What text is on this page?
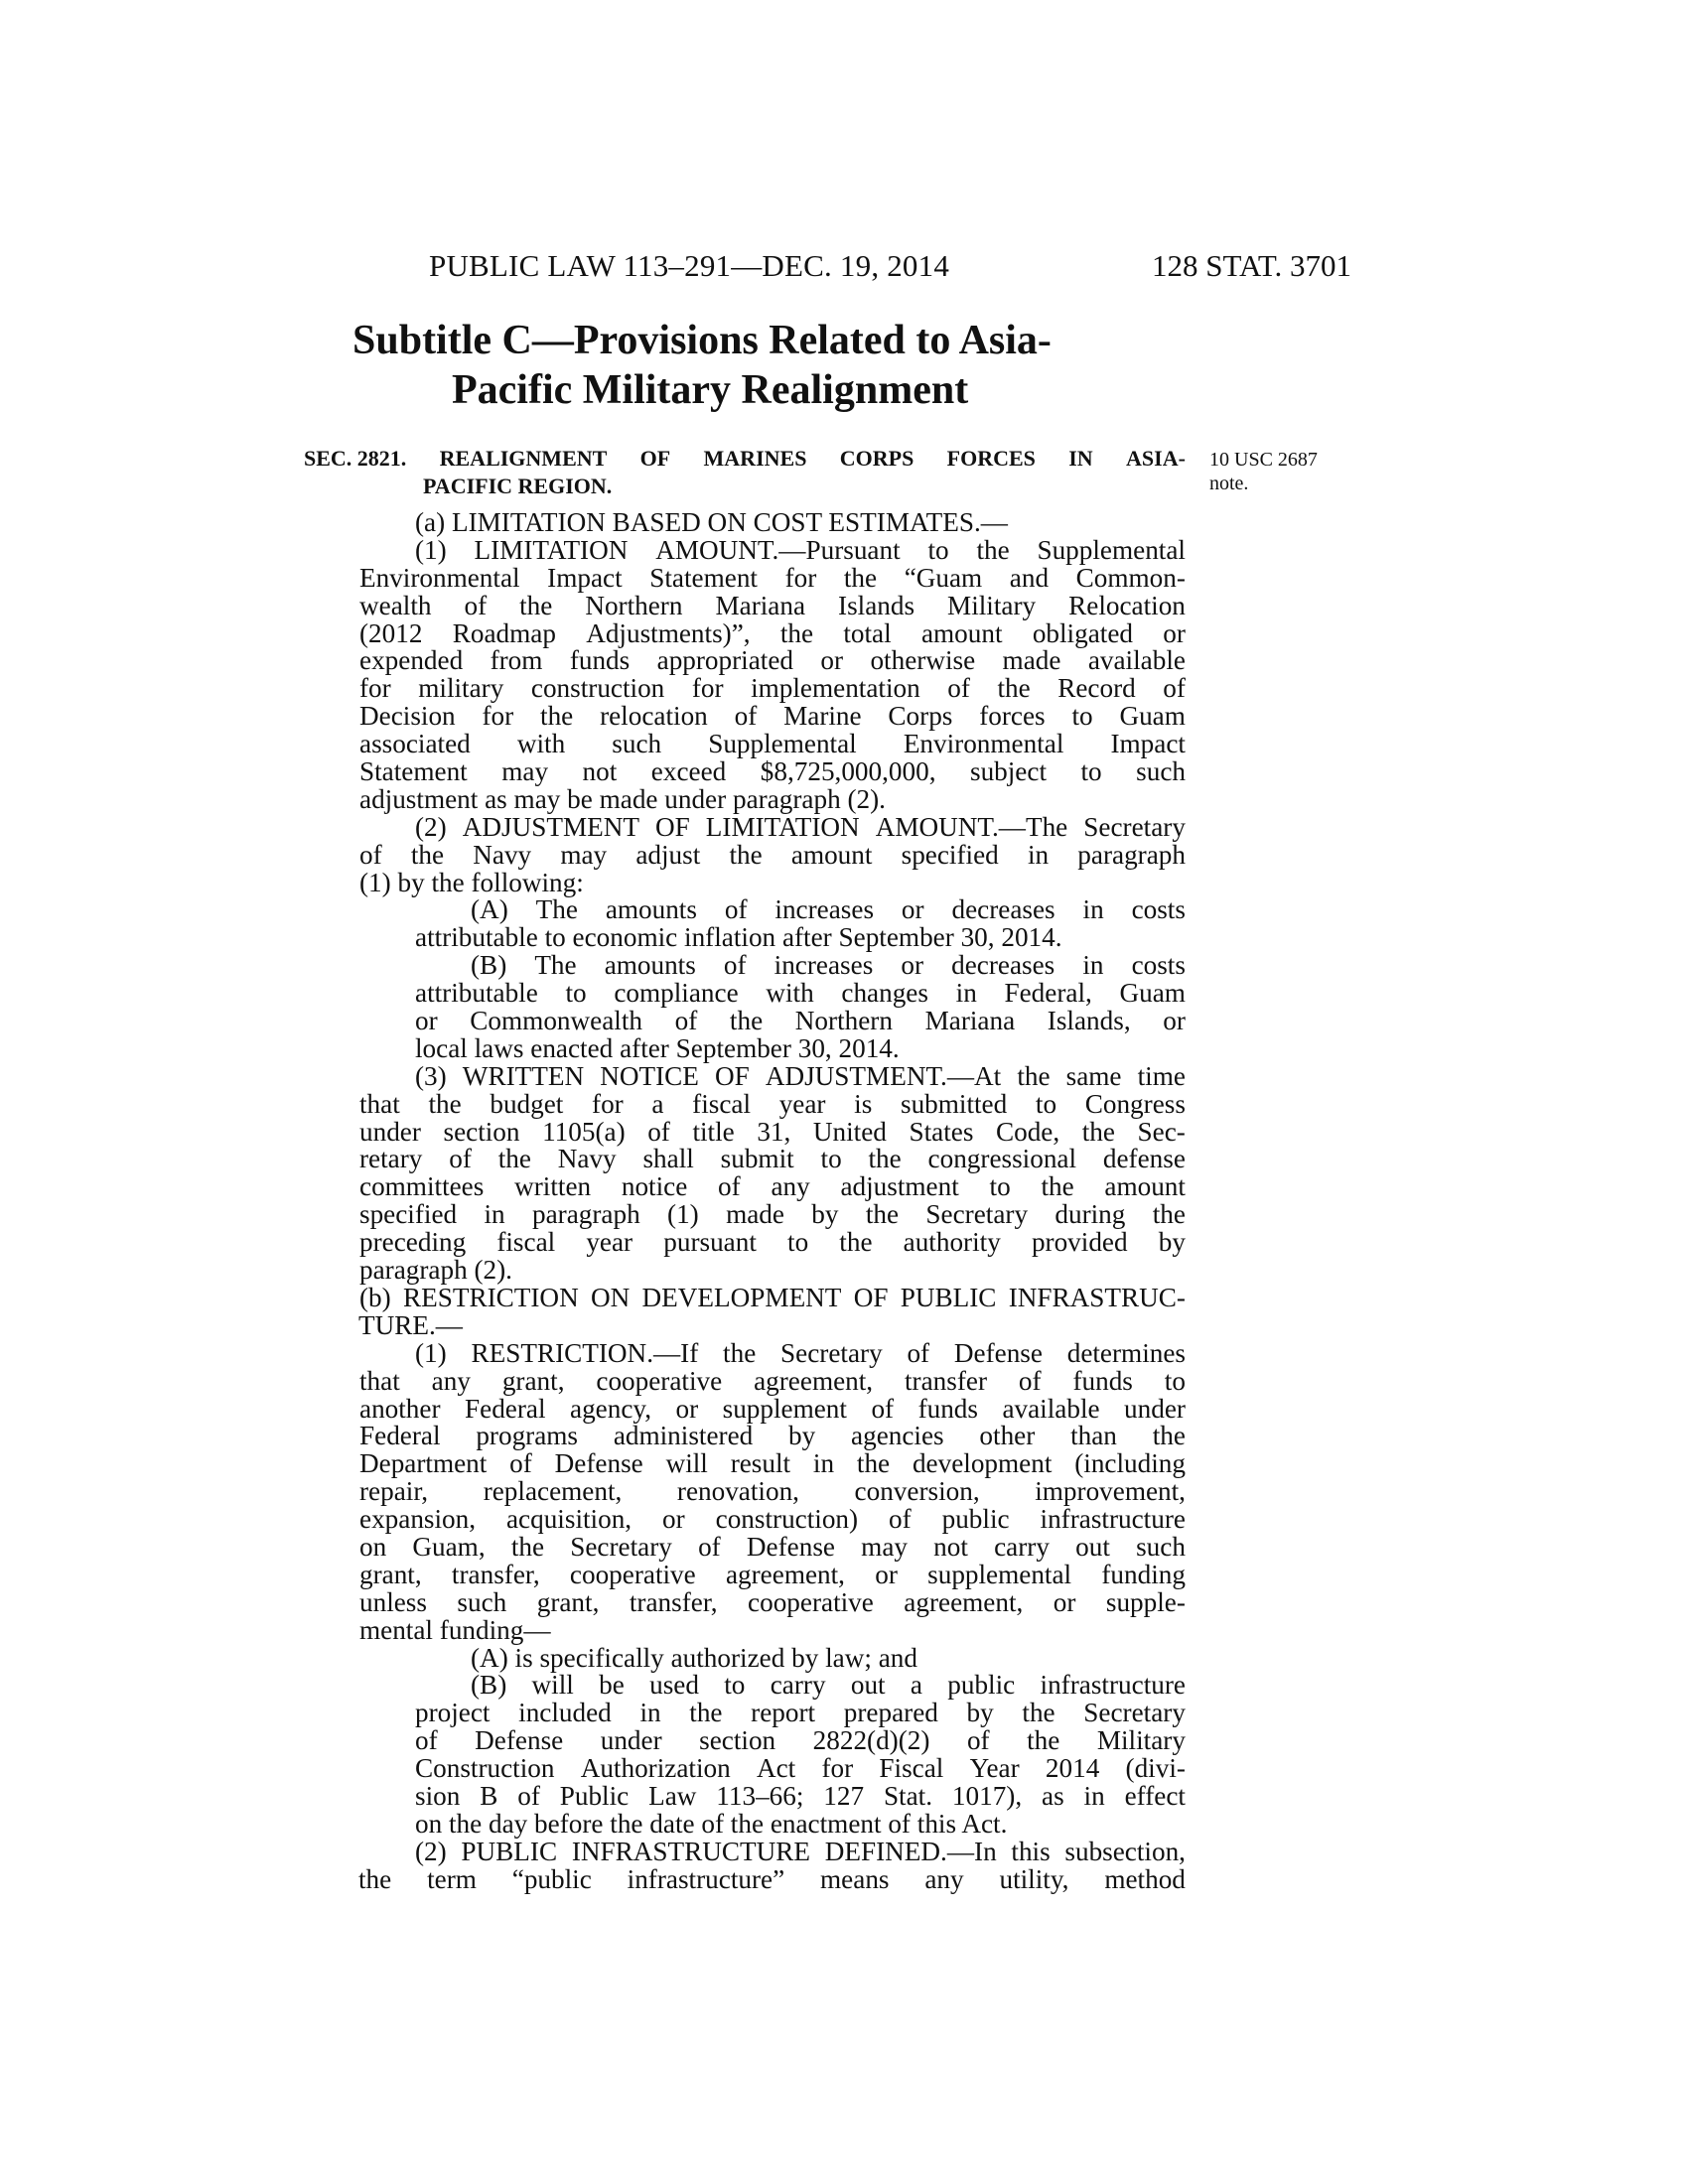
PUBLIC LAW 113–291—DEC. 19, 2014	128 STAT. 3701
Subtitle C—Provisions Related to Asia-
Pacific Military Realignment
SEC. 2821. REALIGNMENT OF MARINES CORPS FORCES IN ASIA-
PACIFIC REGION.
10 USC 2687
note.
(a) LIMITATION BASED ON COST ESTIMATES.—
(1) LIMITATION AMOUNT.—Pursuant to the Supplemental
Environmental Impact Statement for the “Guam and Common-
wealth of the Northern Mariana Islands Military Relocation
(2012 Roadmap Adjustments)”, the total amount obligated or
expended from funds appropriated or otherwise made available
for military construction for implementation of the Record of
Decision for the relocation of Marine Corps forces to Guam
associated with such Supplemental Environmental Impact
Statement may not exceed $8,725,000,000, subject to such
adjustment as may be made under paragraph (2).
(2) ADJUSTMENT OF LIMITATION AMOUNT.—The Secretary
of the Navy may adjust the amount specified in paragraph
(1) by the following:
(A) The amounts of increases or decreases in costs
attributable to economic inflation after September 30, 2014.
(B) The amounts of increases or decreases in costs
attributable to compliance with changes in Federal, Guam
or Commonwealth of the Northern Mariana Islands, or
local laws enacted after September 30, 2014.
(3) WRITTEN NOTICE OF ADJUSTMENT.—At the same time
that the budget for a fiscal year is submitted to Congress
under section 1105(a) of title 31, United States Code, the Sec-
retary of the Navy shall submit to the congressional defense
committees written notice of any adjustment to the amount
specified in paragraph (1) made by the Secretary during the
preceding fiscal year pursuant to the authority provided by
paragraph (2).
(b) RESTRICTION ON DEVELOPMENT OF PUBLIC INFRASTRUC-
TURE.—
(1) RESTRICTION.—If the Secretary of Defense determines
that any grant, cooperative agreement, transfer of funds to
another Federal agency, or supplement of funds available under
Federal programs administered by agencies other than the
Department of Defense will result in the development (including
repair, replacement, renovation, conversion, improvement,
expansion, acquisition, or construction) of public infrastructure
on Guam, the Secretary of Defense may not carry out such
grant, transfer, cooperative agreement, or supplemental funding
unless such grant, transfer, cooperative agreement, or supple-
mental funding—
(A) is specifically authorized by law; and
(B) will be used to carry out a public infrastructure
project included in the report prepared by the Secretary
of Defense under section 2822(d)(2) of the Military
Construction Authorization Act for Fiscal Year 2014 (divi-
sion B of Public Law 113–66; 127 Stat. 1017), as in effect
on the day before the date of the enactment of this Act.
(2) PUBLIC INFRASTRUCTURE DEFINED.—In this subsection,
the term “public infrastructure” means any utility, method
